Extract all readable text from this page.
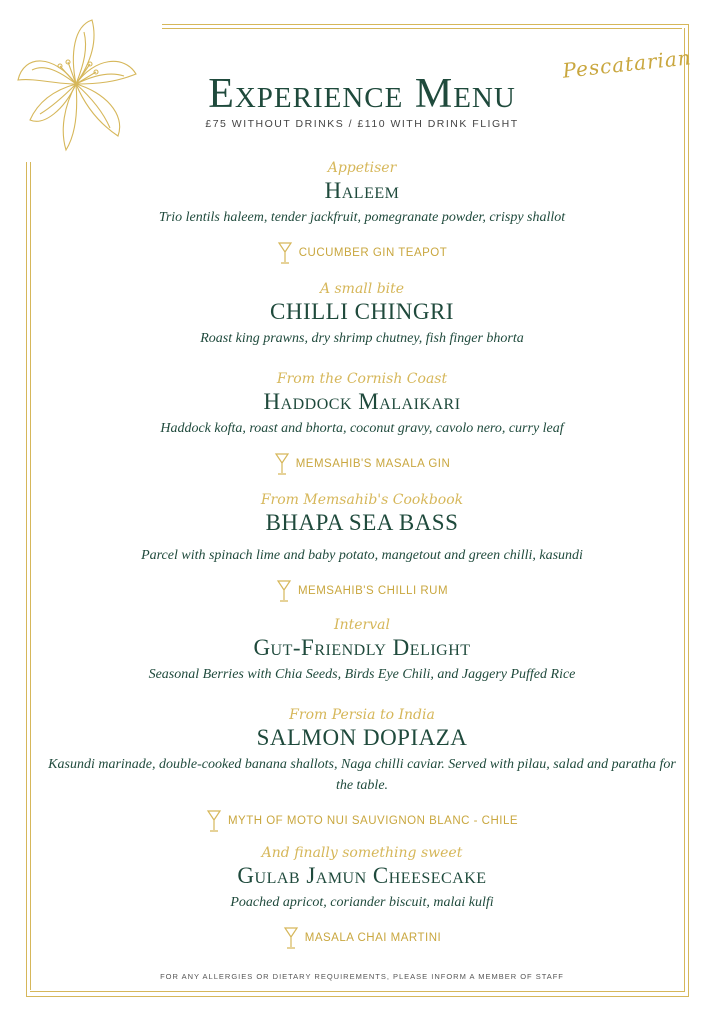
Pescatarian
Experience Menu
£75 WITHOUT DRINKS / £110 WITH DRINK FLIGHT
Appetiser
Haleem
Trio lentils haleem, tender jackfruit, pomegranate powder, crispy shallot
CUCUMBER GIN TEAPOT
A small bite
CHILLI CHINGRI
Roast king prawns, dry shrimp chutney, fish finger bhorta
From the Cornish Coast
Haddock Malaikari
Haddock kofta, roast and bhorta, coconut gravy, cavolo nero, curry leaf
MEMSAHIB'S MASALA GIN
From Memsahib's Cookbook
BHAPA SEA BASS
Parcel with spinach lime and baby potato, mangetout and green chilli, kasundi
MEMSAHIB'S CHILLI RUM
Interval
Gut-Friendly Delight
Seasonal Berries with Chia Seeds, Birds Eye Chili, and Jaggery Puffed Rice
From Persia to India
SALMON DOPIAZA
Kasundi marinade, double-cooked banana shallots, Naga chilli caviar. Served with pilau, salad and paratha for the table.
MYTH OF MOTO NUI SAUVIGNON BLANC - CHILE
And finally something sweet
Gulab Jamun Cheesecake
Poached apricot, coriander biscuit, malai kulfi
MASALA CHAI MARTINI
FOR ANY ALLERGIES OR DIETARY REQUIREMENTS, PLEASE INFORM A MEMBER OF STAFF
